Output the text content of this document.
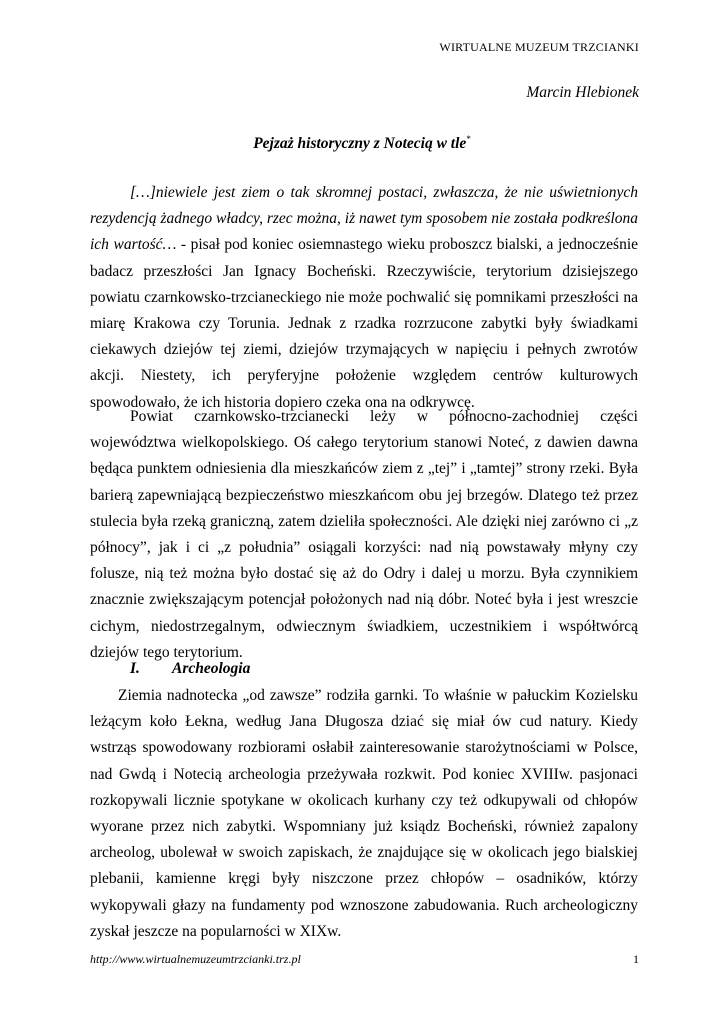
WIRTUALNE MUZEUM TRZCIANKI
Marcin Hlebionek
Pejzaż historyczny z Notecią w tle*

[…]niewiele jest ziem o tak skromnej postaci, zwłaszcza, że nie uświetnionych rezydencją żadnego władcy, rzec można, iż nawet tym sposobem nie została podkreślona ich wartość… - pisał pod koniec osiemnastego wieku proboszcz bialski, a jednocześnie badacz przeszłości Jan Ignacy Bocheński. Rzeczywiście, terytorium dzisiejszego powiatu czarnkowsko-trzcianeckiego nie może pochwalić się pomnikami przeszłości na miarę Krakowa czy Torunia. Jednak z rzadka rozrzucone zabytki były świadkami ciekawych dziejów tej ziemi, dziejów trzymających w napięciu i pełnych zwrotów akcji. Niestety, ich peryferyjne położenie względem centrów kulturowych spowodowało, że ich historia dopiero czeka ona na odkrywcę.

Powiat czarnkowsko-trzcianecki leży w północno-zachodniej części województwa wielkopolskiego. Oś całego terytorium stanowi Noteć, z dawien dawna będąca punktem odniesienia dla mieszkańców ziem z „tej” i „tamtej” strony rzeki. Była barierą zapewniającą bezpieczeństwo mieszkańcom obu jej brzegów. Dlatego też przez stulecia była rzeką graniczną, zatem dzieliła społeczności. Ale dzięki niej zarówno ci „z północy”, jak i ci „z południa” osiągali korzyści: nad nią powstawały młyny czy folusze, nią też można było dostać się aż do Odry i dalej u morzu. Była czynnikiem znacznie zwiększającym potencjał położonych nad nią dóbr. Noteć była i jest wreszcie cichym, niedostrzegalnym, odwiecznym świadkiem, uczestnikiem i współtwórcą dziejów tego terytorium.

I. Archeologia

Ziemia nadnotecka „od zawsze” rodziła garnki. To właśnie w pałuckim Kozielsku leżącym koło Łekna, według Jana Długosza dziać się miał ów cud natury. Kiedy wstrząs spowodowany rozbiorami osłabił zainteresowanie starożytnościami w Polsce, nad Gwdą i Notecią archeologia przeżywała rozkwit. Pod koniec XVIIIw. pasjonaci rozkopywali licznie spotykane w okolicach kurhany czy też odkupywali od chłopów wyorane przez nich zabytki. Wspomniany już ksiądz Bocheński, również zapalony archeolog, ubolewał w swoich zapiskach, że znajdujące się w okolicach jego bialskiej plebanii, kamienne kręgi były niszczone przez chłopów – osadników, którzy wykopywali głazy na fundamenty pod wznoszone zabudowania. Ruch archeologiczny zyskał jeszcze na popularności w XIXw.

http://www.wirtualnemuzeumtrzcianki.trz.pl	1
